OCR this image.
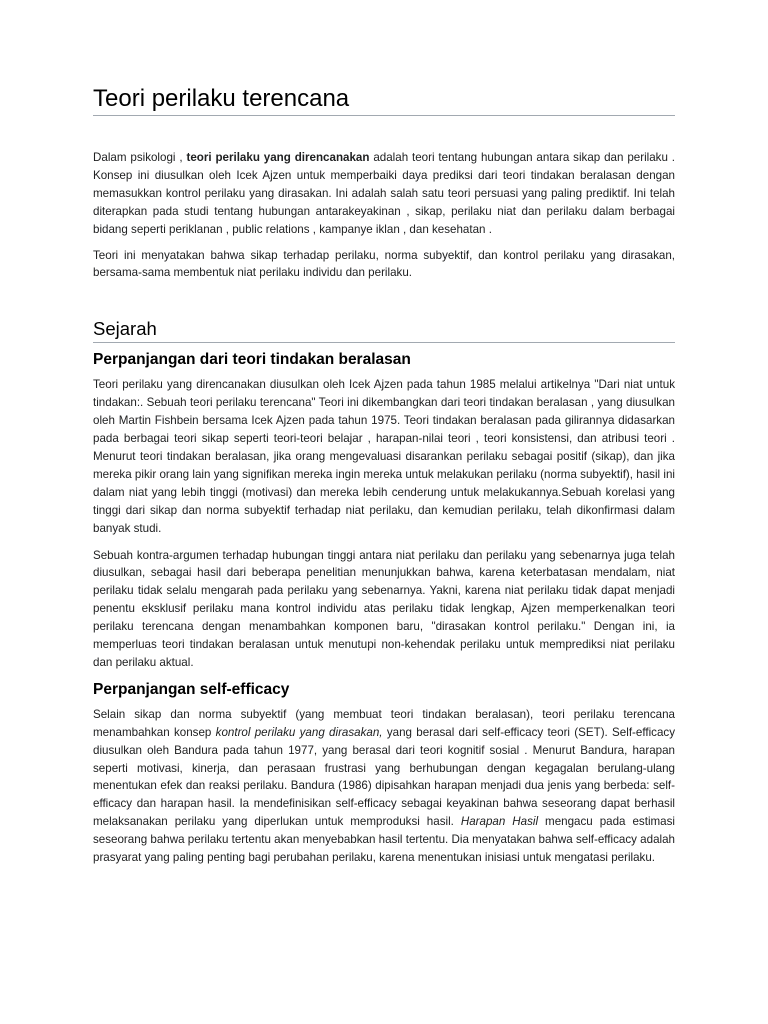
Teori perilaku terencana

Dalam psikologi , teori perilaku yang direncanakan adalah teori tentang hubungan antara sikap dan perilaku . Konsep ini diusulkan oleh Icek Ajzen untuk memperbaiki daya prediksi dari teori tindakan beralasan dengan memasukkan kontrol perilaku yang dirasakan. Ini adalah salah satu teori persuasi yang paling prediktif. Ini telah diterapkan pada studi tentang hubungan antarakeyakinan , sikap, perilaku niat dan perilaku dalam berbagai bidang seperti periklanan , public relations , kampanye iklan , dan kesehatan .

Teori ini menyatakan bahwa sikap terhadap perilaku, norma subyektif, dan kontrol perilaku yang dirasakan, bersama-sama membentuk niat perilaku individu dan perilaku.

Sejarah
Perpanjangan dari teori tindakan beralasan

Teori perilaku yang direncanakan diusulkan oleh Icek Ajzen pada tahun 1985 melalui artikelnya "Dari niat untuk tindakan:. Sebuah teori perilaku terencana" Teori ini dikembangkan dari teori tindakan beralasan , yang diusulkan oleh Martin Fishbein bersama Icek Ajzen pada tahun 1975. Teori tindakan beralasan pada gilirannya didasarkan pada berbagai teori sikap seperti teori-teori belajar , harapan-nilai teori , teori konsistensi, dan atribusi teori . Menurut teori tindakan beralasan, jika orang mengevaluasi disarankan perilaku sebagai positif (sikap), dan jika mereka pikir orang lain yang signifikan mereka ingin mereka untuk melakukan perilaku (norma subyektif), hasil ini dalam niat yang lebih tinggi (motivasi) dan mereka lebih cenderung untuk melakukannya.Sebuah korelasi yang tinggi dari sikap dan norma subyektif terhadap niat perilaku, dan kemudian perilaku, telah dikonfirmasi dalam banyak studi.

Sebuah kontra-argumen terhadap hubungan tinggi antara niat perilaku dan perilaku yang sebenarnya juga telah diusulkan, sebagai hasil dari beberapa penelitian menunjukkan bahwa, karena keterbatasan mendalam, niat perilaku tidak selalu mengarah pada perilaku yang sebenarnya. Yakni, karena niat perilaku tidak dapat menjadi penentu eksklusif perilaku mana kontrol individu atas perilaku tidak lengkap, Ajzen memperkenalkan teori perilaku terencana dengan menambahkan komponen baru, "dirasakan kontrol perilaku." Dengan ini, ia memperluas teori tindakan beralasan untuk menutupi non-kehendak perilaku untuk memprediksi niat perilaku dan perilaku aktual.

Perpanjangan self-efficacy

Selain sikap dan norma subyektif (yang membuat teori tindakan beralasan), teori perilaku terencana menambahkan konsep kontrol perilaku yang dirasakan, yang berasal dari self-efficacy teori (SET). Self-efficacy diusulkan oleh Bandura pada tahun 1977, yang berasal dari teori kognitif sosial . Menurut Bandura, harapan seperti motivasi, kinerja, dan perasaan frustrasi yang berhubungan dengan kegagalan berulang-ulang menentukan efek dan reaksi perilaku. Bandura (1986) dipisahkan harapan menjadi dua jenis yang berbeda: self-efficacy dan harapan hasil. Ia mendefinisikan self-efficacy sebagai keyakinan bahwa seseorang dapat berhasil melaksanakan perilaku yang diperlukan untuk memproduksi hasil. Harapan Hasil mengacu pada estimasi seseorang bahwa perilaku tertentu akan menyebabkan hasil tertentu. Dia menyatakan bahwa self-efficacy adalah prasyarat yang paling penting bagi perubahan perilaku, karena menentukan inisiasi untuk mengatasi perilaku.
